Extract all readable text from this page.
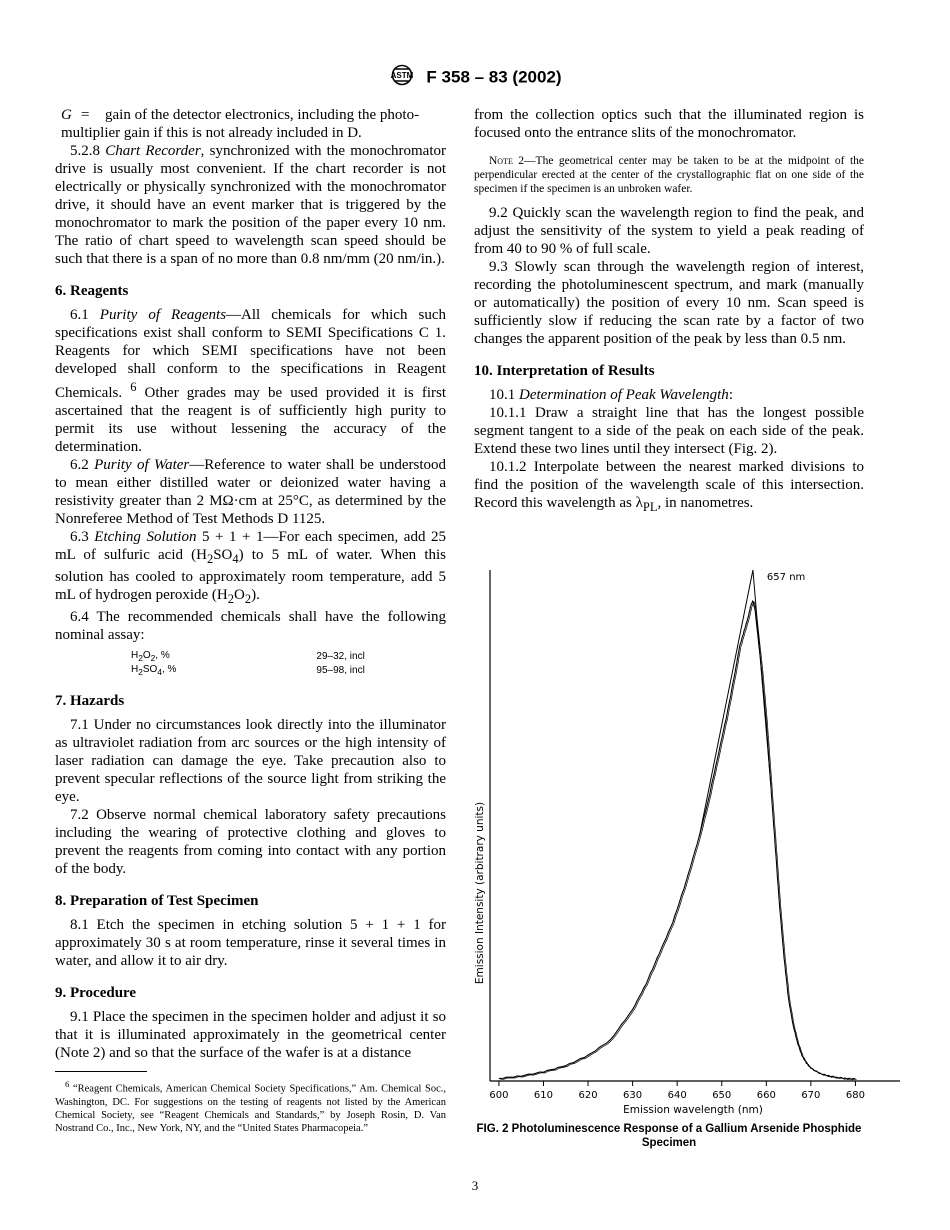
ASTM F 358 – 83 (2002)
G =	gain of the detector electronics, including the photo-

multiplier gain if this is not already included in D.

5.2.8 Chart Recorder, synchronized with the monochromator drive is usually most convenient. If the chart recorder is not electrically or physically synchronized with the monochromator drive, it should have an event marker that is triggered by the monochromator to mark the position of the paper every 10 nm. The ratio of chart speed to wavelength scan speed should be such that there is a span of no more than 0.8 nm/mm (20 nm/in.).

6. Reagents

6.1 Purity of Reagents—All chemicals for which such specifications exist shall conform to SEMI Specifications C 1. Reagents for which SEMI specifications have not been developed shall conform to the specifications in Reagent Chemicals. $^6$ Other grades may be used provided it is first ascertained that the reagent is of sufficiently high purity to permit its use without lessening the accuracy of the determination.

6.2 Purity of Water—Reference to water shall be understood to mean either distilled water or deionized water having a resistivity greater than 2 MΩ·cm at 25°C, as determined by the Nonreferee Method of Test Methods D 1125.

6.3 Etching Solution 5 + 1 + 1—For each specimen, add 25 mL of sulfuric acid $(H_2SO_4)$ to 5 mL of water. When this solution has cooled to approximately room temperature, add 5 mL of hydrogen peroxide $(H_2O_2)$.

6.4 The recommended chemicals shall have the following nominal assay:

$H_2O_2$, %	29–32, incl
$H_2SO_4$, %	95–98, incl
7. Hazards

7.1 Under no circumstances look directly into the illuminator as ultraviolet radiation from arc sources or the high intensity of laser radiation can damage the eye. Take precaution also to prevent specular reflections of the source light from striking the eye.

7.2 Observe normal chemical laboratory safety precautions including the wearing of protective clothing and gloves to prevent the reagents from coming into contact with any portion of the body.

8. Preparation of Test Specimen

8.1 Etch the specimen in etching solution 5 + 1 + 1 for approximately 30 s at room temperature, rinse it several times in water, and allow it to air dry.

9. Procedure

9.1 Place the specimen in the specimen holder and adjust it so that it is illuminated approximately in the geometrical center (Note 2) and so that the surface of the wafer is at a distance

from the collection optics such that the illuminated region is focused onto the entrance slits of the monochromator.

Note 2—The geometrical center may be taken to be at the midpoint of the perpendicular erected at the center of the crystallographic flat on one side of the specimen if the specimen is an unbroken wafer.

9.2 Quickly scan the wavelength region to find the peak, and adjust the sensitivity of the system to yield a peak reading of from 40 to 90 % of full scale.

9.3 Slowly scan through the wavelength region of interest, recording the photoluminescent spectrum, and mark (manually or automatically) the position of every 10 nm. Scan speed is sufficiently slow if reducing the scan rate by a factor of two changes the apparent position of the peak by less than 0.5 nm.

10. Interpretation of Results

10.1 Determination of Peak Wavelength:

10.1.1 Draw a straight line that has the longest possible segment tangent to a side of the peak on each side of the peak. Extend these two lines until they intersect (Fig. 2).

10.1.2 Interpolate between the nearest marked divisions to find the position of the wavelength scale of this intersection. Record this wavelength as $\lambda_{PL}$, in nanometres.

600	610	620	630	640	650	660	670	680
657 nm
Emission Intensity (arbitrary units)
Emission wavelength (nm)
FIG. 2 Photoluminescence Response of a Gallium Arsenide Phosphide Specimen

$^6$ “Reagent Chemicals, American Chemical Society Specifications,” Am. Chemical Soc., Washington, DC. For suggestions on the testing of reagents not listed by the American Chemical Society, see “Reagent Chemicals and Standards,” by Joseph Rosin, D. Van Nostrand Co., Inc., New York, NY, and the “United States Pharmacopeia.”

3
